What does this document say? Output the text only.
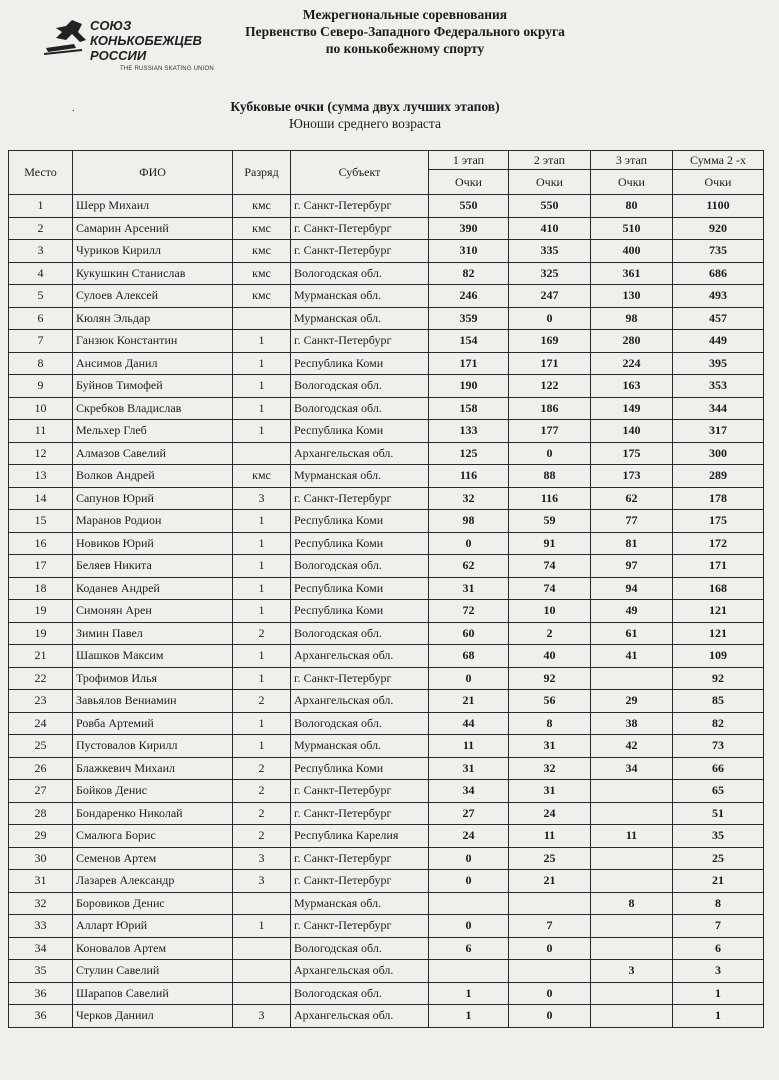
СОЮЗ
КОНЬКОБЕЖЦЕВ
РОССИИ
THE RUSSIAN SKATING UNION
Межрегиональные соревнования
Первенство Северо-Западного Федерального округа
по конькобежному спорту
.	Кубковые очки (сумма двух лучших этапов)
Юноши среднего возраста
Место	ФИО	Разряд	Субъект	1 этап	2 этап	3 этап	Сумма 2 -х
				Очки	Очки	Очки	Очки
1	Шерр Михаил	кмс	г. Санкт-Петербург	550	550	80	1100
2	Самарин Арсений	кмс	г. Санкт-Петербург	390	410	510	920
3	Чуриков Кирилл	кмс	г. Санкт-Петербург	310	335	400	735
4	Кукушкин Станислав	кмс	Вологодская обл.	82	325	361	686
5	Сулоев Алексей	кмс	Мурманская обл.	246	247	130	493
6	Кюлян Эльдар		Мурманская обл.	359	0	98	457
7	Ганзюк Константин	1	г. Санкт-Петербург	154	169	280	449
8	Ансимов Данил	1	Республика Коми	171	171	224	395
9	Буйнов Тимофей	1	Вологодская обл.	190	122	163	353
10	Скребков Владислав	1	Вологодская обл.	158	186	149	344
11	Мельхер Глеб	1	Республика Коми	133	177	140	317
12	Алмазов Савелий		Архангельская обл.	125	0	175	300
13	Волков Андрей	кмс	Мурманская обл.	116	88	173	289
14	Сапунов Юрий	3	г. Санкт-Петербург	32	116	62	178
15	Маранов Родион	1	Республика Коми	98	59	77	175
16	Новиков Юрий	1	Республика Коми	0	91	81	172
17	Беляев Никита	1	Вологодская обл.	62	74	97	171
18	Коданев Андрей	1	Республика Коми	31	74	94	168
19	Симонян Арен	1	Республика Коми	72	10	49	121
19	Зимин Павел	2	Вологодская обл.	60	2	61	121
21	Шашков Максим	1	Архангельская обл.	68	40	41	109
22	Трофимов Илья	1	г. Санкт-Петербург	0	92		92
23	Завьялов Вениамин	2	Архангельская обл.	21	56	29	85
24	Ровба Артемий	1	Вологодская обл.	44	8	38	82
25	Пустовалов Кирилл	1	Мурманская обл.	11	31	42	73
26	Блажкевич Михаил	2	Республика Коми	31	32	34	66
27	Бойков Денис	2	г. Санкт-Петербург	34	31		65
28	Бондаренко Николай	2	г. Санкт-Петербург	27	24		51
29	Смалюга Борис	2	Республика Карелия	24	11	11	35
30	Семенов Артем	3	г. Санкт-Петербург	0	25		25
31	Лазарев Александр	3	г. Санкт-Петербург	0	21		21
32	Боровиков Денис		Мурманская обл.			8	8
33	Алларт Юрий	1	г. Санкт-Петербург	0	7		7
34	Коновалов Артем		Вологодская обл.	6	0		6
35	Стулин Савелий		Архангельская обл.			3	3
36	Шарапов Савелий		Вологодская обл.	1	0		1
36	Черков Даниил	3	Архангельская обл.	1	0		1
